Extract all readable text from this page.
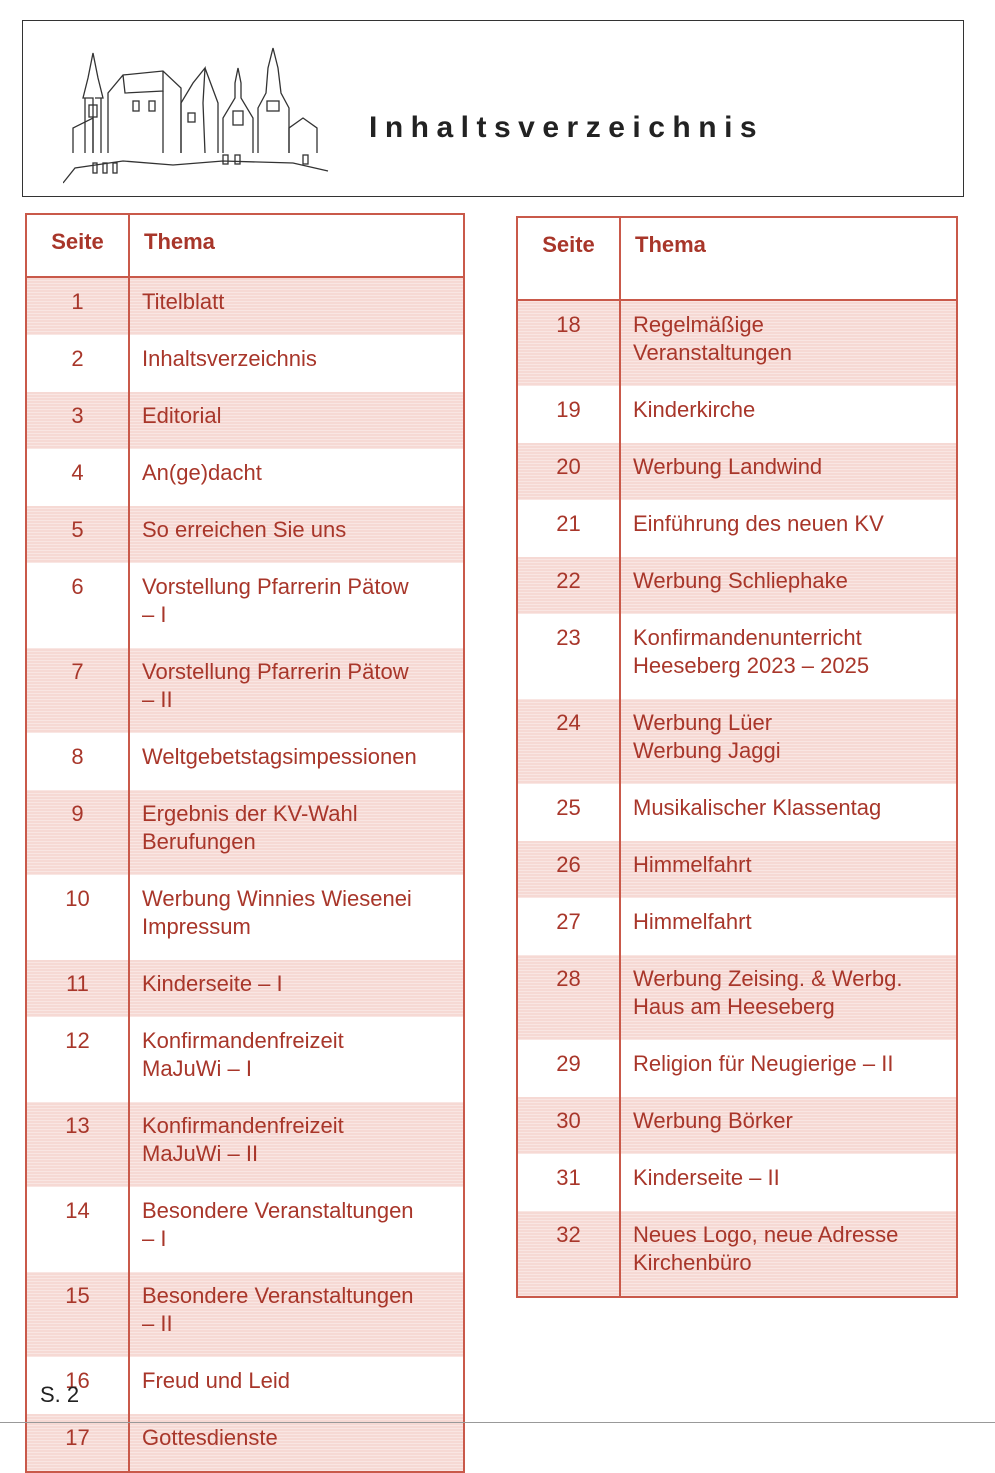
Inhaltsverzeichnis
Seite	Thema
1	Titelblatt

2	Inhaltsverzeichnis

3	Editorial

4	An(ge)dacht

5	So erreichen Sie uns

6	Vorstellung Pfarrerin Pätow
– I

7	Vorstellung Pfarrerin Pätow
– II

8	Weltgebetstagsimpessionen

9	Ergebnis der KV-Wahl
Berufungen

10	Werbung Winnies Wiesenei
Impressum

11	Kinderseite – I

12	Konfirmandenfreizeit
MaJuWi – I

13	Konfirmandenfreizeit
MaJuWi – II

14	Besondere Veranstaltungen
– I

15	Besondere Veranstaltungen
– II

16	Freud und Leid

17	Gottesdienste
Seite	Thema
18	Regelmäßige
Veranstaltungen

19	Kinderkirche

20	Werbung Landwind

21	Einführung des neuen KV

22	Werbung Schliephake

23	Konfirmandenunterricht
Heeseberg 2023 – 2025

24	Werbung Lüer
Werbung Jaggi

25	Musikalischer Klassentag

26	Himmelfahrt

27	Himmelfahrt

28	Werbung Zeising. & Werbg.
Haus am Heeseberg

29	Religion für Neugierige – II

30	Werbung Börker

31	Kinderseite – II

32	Neues Logo, neue Adresse
Kirchenbüro
S. 2
